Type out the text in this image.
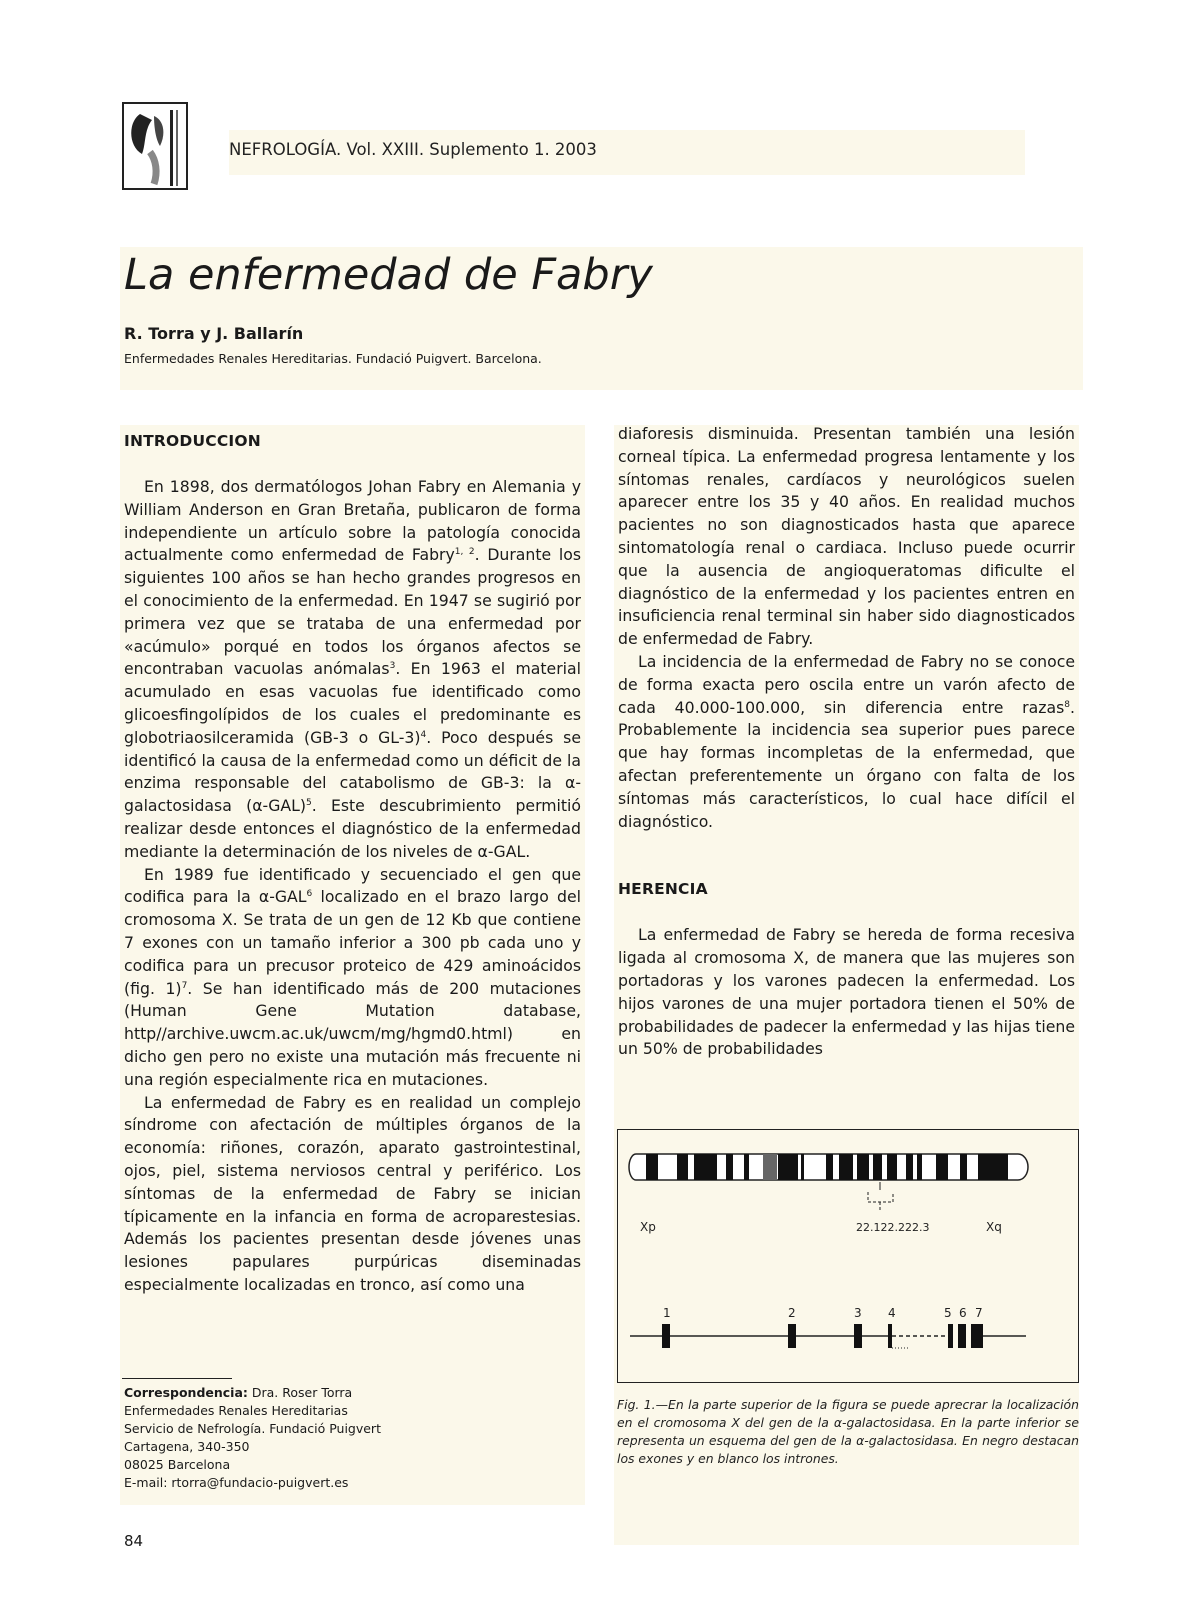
NEFROLOGÍA. Vol. XXIII. Suplemento 1. 2003
La enfermedad de Fabry
R. Torra y J. Ballarín
Enfermedades Renales Hereditarias. Fundació Puigvert. Barcelona.
INTRODUCCION

En 1898, dos dermatólogos Johan Fabry en Alemania y William Anderson en Gran Bretaña, publicaron de forma independiente un artículo sobre la patología conocida actualmente como enfermedad de Fabry$^{1, 2}$. Durante los siguientes 100 años se han hecho grandes progresos en el conocimiento de la enfermedad. En 1947 se sugirió por primera vez que se trataba de una enfermedad por «acúmulo» porqué en todos los órganos afectos se encontraban vacuolas anómalas$^3$. En 1963 el material acumulado en esas vacuolas fue identificado como glicoesfingolípidos de los cuales el predominante es globotriaosilceramida (GB-3 o GL-3)$^4$. Poco después se identificó la causa de la enfermedad como un déficit de la enzima responsable del catabolismo de GB-3: la α-galactosidasa $(\alpha-GAL)^5$. Este descubrimiento permitió realizar desde entonces el diagnóstico de la enfermedad mediante la determinación de los niveles de α-GAL.

En 1989 fue identificado y secuenciado el gen que codifica para la α-GAL$^6$ localizado en el brazo largo del cromosoma X. Se trata de un gen de 12 Kb que contiene 7 exones con un tamaño inferior a 300 pb cada uno y codifica para un precusor proteico de 429 aminoácidos (fig. 1)$^7$. Se han identificado más de 200 mutaciones (Human Gene Mutation database, http//archive.uwcm.ac.uk/uwcm/mg/hgmd0.html) en dicho gen pero no existe una mutación más frecuente ni una región especialmente rica en mutaciones.

La enfermedad de Fabry es en realidad un complejo síndrome con afectación de múltiples órganos de la economía: riñones, corazón, aparato gastrointestinal, ojos, piel, sistema nerviosos central y periférico. Los síntomas de la enfermedad de Fabry se inician típicamente en la infancia en forma de acroparestesias. Además los pacientes presentan desde jóvenes unas lesiones papulares purpúricas diseminadas especialmente localizadas en tronco, así como una

diaforesis disminuida. Presentan también una lesión corneal típica. La enfermedad progresa lentamente y los síntomas renales, cardíacos y neurológicos suelen aparecer entre los 35 y 40 años. En realidad muchos pacientes no son diagnosticados hasta que aparece sintomatología renal o cardiaca. Incluso puede ocurrir que la ausencia de angioqueratomas dificulte el diagnóstico de la enfermedad y los pacientes entren en insuficiencia renal terminal sin haber sido diagnosticados de enfermedad de Fabry.

La incidencia de la enfermedad de Fabry no se conoce de forma exacta pero oscila entre un varón afecto de cada 40.000-100.000, sin diferencia entre razas$^8$. Probablemente la incidencia sea superior pues parece que hay formas incompletas de la enfermedad, que afectan preferentemente un órgano con falta de los síntomas más característicos, lo cual hace difícil el diagnóstico.

HERENCIA

La enfermedad de Fabry se hereda de forma recesiva ligada al cromosoma X, de manera que las mujeres son portadoras y los varones padecen la enfermedad. Los hijos varones de una mujer portadora tienen el 50% de probabilidades de padecer la enfermedad y las hijas tiene un 50% de probabilidades

Xp	22.122.222.3	Xq
1	2	3 4	5 6 7
Fig. 1.—En la parte superior de la figura se puede aprecrar la localización en el cromosoma X del gen de la α-galactosidasa. En la parte inferior se representa un esquema del gen de la α-galactosidasa. En negro destacan los exones y en blanco los intrones.
Correspondencia: Dra. Roser Torra
Enfermedades Renales Hereditarias
Servicio de Nefrología. Fundació Puigvert
Cartagena, 340-350
08025 Barcelona
E-mail: rtorra@fundacio-puigvert.es
84
